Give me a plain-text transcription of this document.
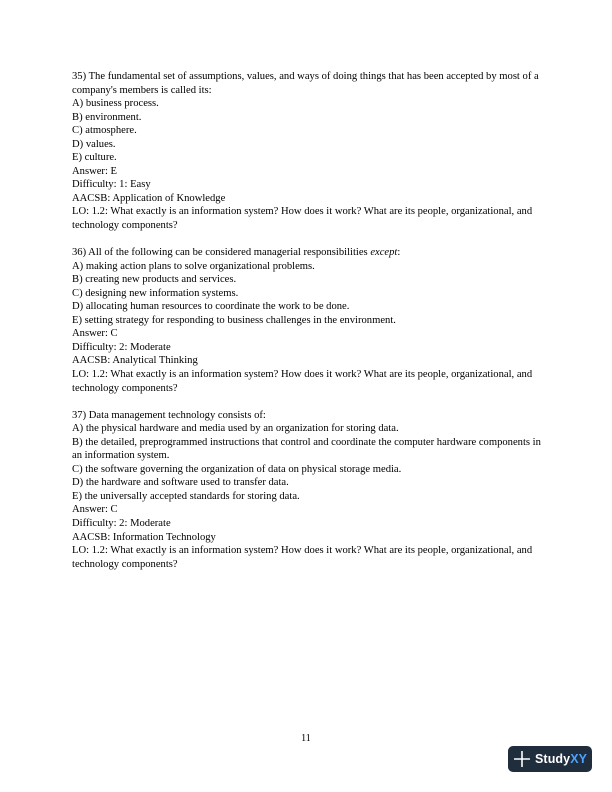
35) The fundamental set of assumptions, values, and ways of doing things that has been accepted by most of a company's members is called its:
A) business process.
B) environment.
C) atmosphere.
D) values.
E) culture.
Answer: E
Difficulty: 1: Easy
AACSB: Application of Knowledge
LO: 1.2: What exactly is an information system? How does it work? What are its people, organizational, and technology components?
36) All of the following can be considered managerial responsibilities except:
A) making action plans to solve organizational problems.
B) creating new products and services.
C) designing new information systems.
D) allocating human resources to coordinate the work to be done.
E) setting strategy for responding to business challenges in the environment.
Answer: C
Difficulty: 2: Moderate
AACSB: Analytical Thinking
LO: 1.2: What exactly is an information system? How does it work? What are its people, organizational, and technology components?
37) Data management technology consists of:
A) the physical hardware and media used by an organization for storing data.
B) the detailed, preprogrammed instructions that control and coordinate the computer hardware components in an information system.
C) the software governing the organization of data on physical storage media.
D) the hardware and software used to transfer data.
E) the universally accepted standards for storing data.
Answer: C
Difficulty: 2: Moderate
AACSB: Information Technology
LO: 1.2: What exactly is an information system? How does it work? What are its people, organizational, and technology components?
11
StudyXY
